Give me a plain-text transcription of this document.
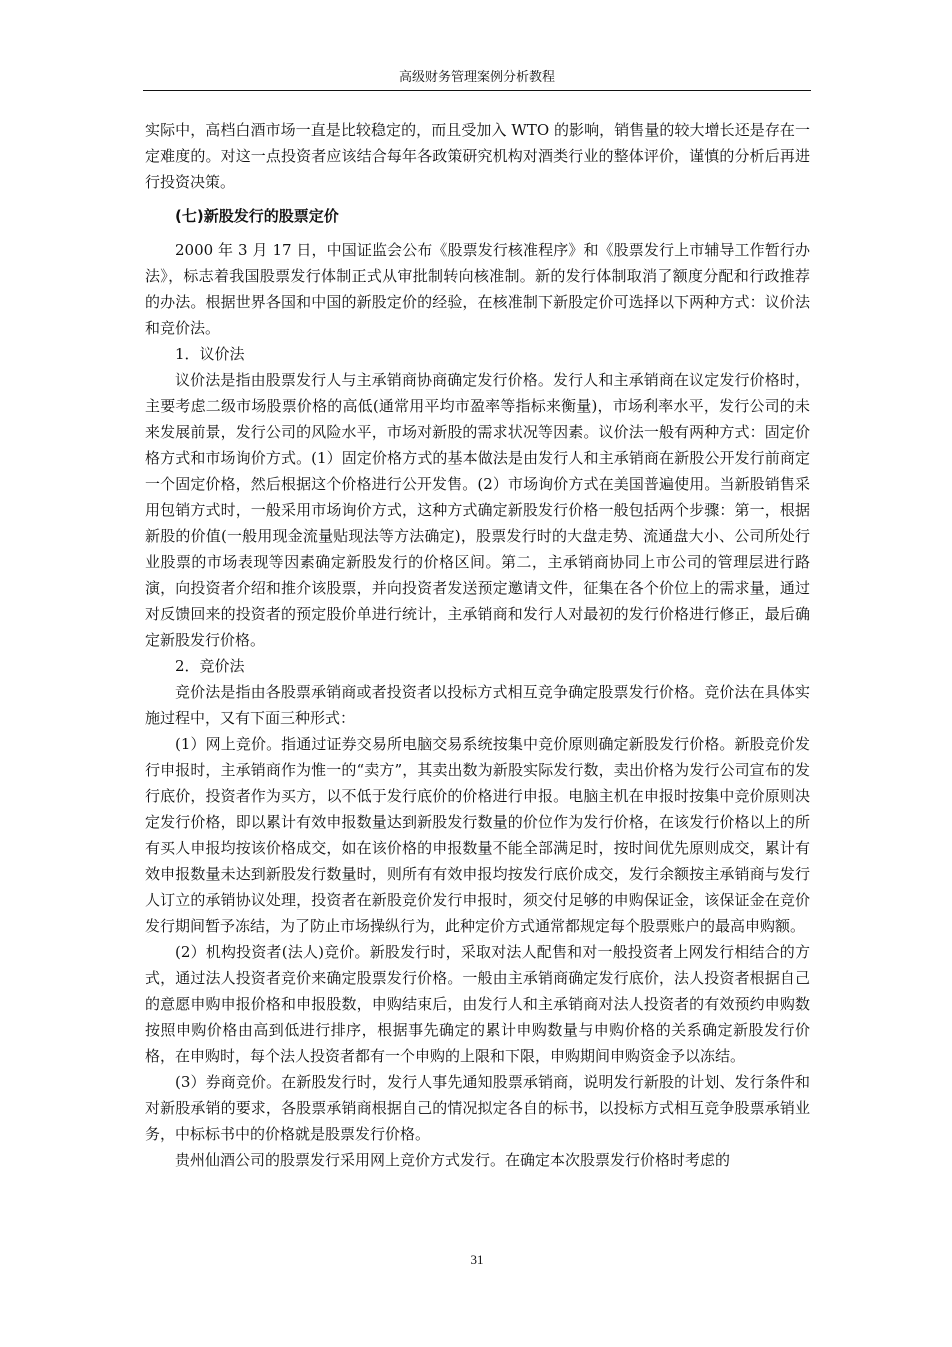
高级财务管理案例分析教程

实际中，高档白酒市场一直是比较稳定的，而且受加入 WTO 的影响，销售量的较大增长还是存在一定难度的。对这一点投资者应该结合每年各政策研究机构对酒类行业的整体评价，谨慎的分析后再进行投资决策。

(七)新股发行的股票定价

2000 年 3 月 17 日，中国证监会公布《股票发行核准程序》和《股票发行上市辅导工作暂行办法》，标志着我国股票发行体制正式从审批制转向核准制。新的发行体制取消了额度分配和行政推荐的办法。根据世界各国和中国的新股定价的经验，在核准制下新股定价可选择以下两种方式：议价法和竞价法。

1．议价法

议价法是指由股票发行人与主承销商协商确定发行价格。发行人和主承销商在议定发行价格时，主要考虑二级市场股票价格的高低(通常用平均市盈率等指标来衡量)，市场利率水平，发行公司的未来发展前景，发行公司的风险水平，市场对新股的需求状况等因素。议价法一般有两种方式：固定价格方式和市场询价方式。(1）固定价格方式的基本做法是由发行人和主承销商在新股公开发行前商定一个固定价格，然后根据这个价格进行公开发售。(2）市场询价方式在美国普遍使用。当新股销售采用包销方式时，一般采用市场询价方式，这种方式确定新股发行价格一般包括两个步骤：第一，根据新股的价值(一般用现金流量贴现法等方法确定)，股票发行时的大盘走势、流通盘大小、公司所处行业股票的市场表现等因素确定新股发行的价格区间。第二，主承销商协同上市公司的管理层进行路演，向投资者介绍和推介该股票，并向投资者发送预定邀请文件，征集在各个价位上的需求量，通过对反馈回来的投资者的预定股价单进行统计，主承销商和发行人对最初的发行价格进行修正，最后确定新股发行价格。

2．竞价法

竞价法是指由各股票承销商或者投资者以投标方式相互竞争确定股票发行价格。竞价法在具体实施过程中，又有下面三种形式：

(1）网上竞价。指通过证券交易所电脑交易系统按集中竞价原则确定新股发行价格。新股竞价发行申报时，主承销商作为惟一的“卖方”，其卖出数为新股实际发行数，卖出价格为发行公司宣布的发行底价，投资者作为买方，以不低于发行底价的价格进行申报。电脑主机在申报时按集中竞价原则决定发行价格，即以累计有效申报数量达到新股发行数量的价位作为发行价格，在该发行价格以上的所有买人申报均按该价格成交，如在该价格的申报数量不能全部满足时，按时间优先原则成交，累计有效申报数量未达到新股发行数量时，则所有有效申报均按发行底价成交，发行余额按主承销商与发行人订立的承销协议处理，投资者在新股竞价发行申报时，须交付足够的申购保证金，该保证金在竞价发行期间暂予冻结，为了防止市场操纵行为，此种定价方式通常都规定每个股票账户的最高申购额。

(2）机构投资者(法人)竞价。新股发行时，采取对法人配售和对一般投资者上网发行相结合的方式，通过法人投资者竞价来确定股票发行价格。一般由主承销商确定发行底价，法人投资者根据自己的意愿申购申报价格和申报股数，申购结束后，由发行人和主承销商对法人投资者的有效预约申购数按照申购价格由高到低进行排序，根据事先确定的累计申购数量与申购价格的关系确定新股发行价格，在申购时，每个法人投资者都有一个申购的上限和下限，申购期间申购资金予以冻结。

(3）券商竞价。在新股发行时，发行人事先通知股票承销商，说明发行新股的计划、发行条件和对新股承销的要求，各股票承销商根据自己的情况拟定各自的标书，以投标方式相互竞争股票承销业务，中标标书中的价格就是股票发行价格。

贵州仙酒公司的股票发行采用网上竞价方式发行。在确定本次股票发行价格时考虑的

31
